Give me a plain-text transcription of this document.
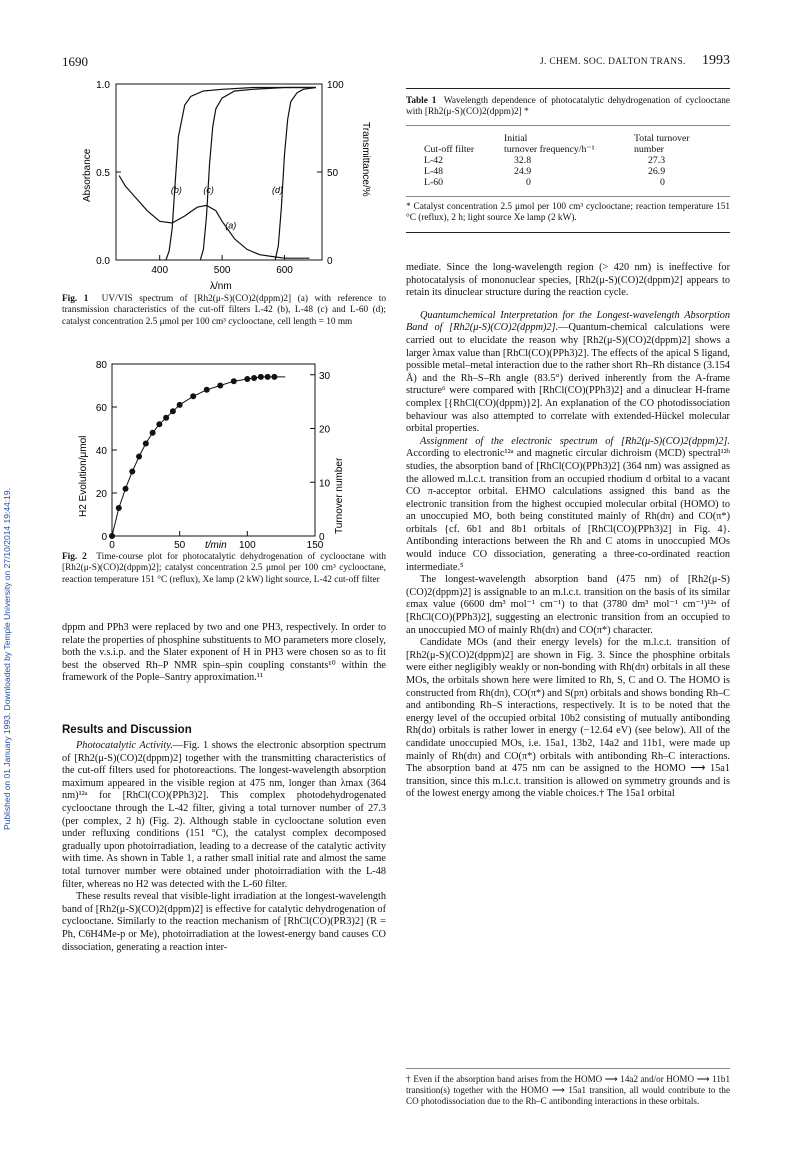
1690	J. CHEM. SOC. DALTON TRANS. 1993
Published on 01 January 1993. Downloaded by Temple University on 27/10/2014 19:44:19.
1.0
0.5
0.0
100
50
0
400	500	600
Absorbance	Transmittance/%
λ/nm
(b) (c)	(d)
(a)
Fig. 1 UV/VIS spectrum of [Rh2(μ-S)(CO)2(dppm)2] (a) with reference to transmission characteristics of the cut-off filters L-42 (b), L-48 (c) and L-60 (d); catalyst concentration 2.5 μmol per 100 cm³ cyclooctane, cell length = 10 mm
80
60
40
20
0
30
20
10
0
0	50	100	150
H2 Evolution/μmol	Turnover number
t/min
Fig. 2 Time-course plot for photocatalytic dehydrogenation of cyclooctane with [Rh2(μ-S)(CO)2(dppm)2]; catalyst concentration 2.5 μmol per 100 cm³ cyclooctane, reaction temperature 151 °C (reflux), Xe lamp (2 kW) light source, L-42 cut-off filter

dppm and PPh3 were replaced by two and one PH3, respectively. In order to relate the properties of phosphine substituents to MO parameters more closely, both the v.s.i.p. and the Slater exponent of H in PH3 were chosen so as to fit best the observed Rh–P NMR spin–spin coupling constants¹⁰ within the framework of the Pople–Santry approximation.¹¹

Results and Discussion

Photocatalytic Activity.—Fig. 1 shows the electronic absorption spectrum of [Rh2(μ-S)(CO)2(dppm)2] together with the transmitting characteristics of the cut-off filters used for photoreactions. The longest-wavelength absorption maximum appeared in the visible region at 475 nm, longer than λmax (364 nm)¹²ᵃ for [RhCl(CO)(PPh3)2]. This complex photodehydrogenated cyclooctane through the L-42 filter, giving a total turnover number of 27.3 (per complex, 2 h) (Fig. 2). Although stable in cyclooctane solution even under refluxing conditions (151 °C), the catalyst complex decomposed gradually upon photoirradiation, leading to a decrease of the catalytic activity with time. As shown in Table 1, a rather small initial rate and almost the same total turnover number were obtained under photoirradiation with the L-48 filter, whereas no H2 was detected with the L-60 filter.

These results reveal that visible-light irradiation at the longest-wavelength band of [Rh2(μ-S)(CO)2(dppm)2] is effective for catalytic dehydrogenation of cyclooctane. Similarly to the reaction mechanism of [RhCl(CO)(PR3)2] (R = Ph, C6H4Me-p or Me), photoirradiation at the lowest-energy band causes CO dissociation, generating a reaction inter-

Table 1 Wavelength dependence of photocatalytic dehydrogenation of cyclooctane with [Rh2(μ-S)(CO)2(dppm)2] *
	Initial	Total turnover
Cut-off filter	turnover frequency/h⁻¹	number
L-42	32.8	27.3
L-48	24.9	26.9
L-60	0	0
* Catalyst concentration 2.5 μmol per 100 cm³ cyclooctane; reaction temperature 151 °C (reflux), 2 h; light source Xe lamp (2 kW).

mediate. Since the long-wavelength region (> 420 nm) is ineffective for photocatalysis of mononuclear species, [Rh2(μ-S)(CO)2(dppm)2] appears to retain its dinuclear structure during the reaction cycle.

Quantumchemical Interpretation for the Longest-wavelength Absorption Band of [Rh2(μ-S)(CO)2(dppm)2].—Quantum-chemical calculations were carried out to elucidate the reason why [Rh2(μ-S)(CO)2(dppm)2] shows a larger λmax value than [RhCl(CO)(PPh3)2]. The effects of the apical S ligand, possible metal–metal interaction due to the rather short Rh–Rh distance (3.154 Å) and the Rh–S–Rh angle (83.5°) derived inherently from the A-frame structure⁶ were compared with [RhCl(CO)(PPh3)2] and a dinuclear H-frame complex [{RhCl(CO)(dppm)}2]. An explanation of the CO photodissociation behaviour was also attempted to correlate with extended-Hückel molecular orbital properties.

Assignment of the electronic spectrum of [Rh2(μ-S)(CO)2(dppm)2]. According to electronic¹²ᵃ and magnetic circular dichroism (MCD) spectral¹²ᵇ studies, the absorption band of [RhCl(CO)(PPh3)2] (364 nm) was assigned as the allowed m.l.c.t. transition from an occupied rhodium d orbital to a vacant CO π-acceptor orbital. EHMO calculations assigned this band as the electronic transition from the highest occupied molecular orbital (HOMO) to an unoccupied MO, both being constituted mainly of Rh(dπ) and CO(π*) orbitals {cf. 6b1 and 8b1 orbitals of [RhCl(CO)(PPh3)2] in Fig. 4}. Antibonding interactions between the Rh and C atoms in unoccupied MOs would induce CO dissociation, generating a three-co-ordinated reaction intermediate.⁵

The longest-wavelength absorption band (475 nm) of [Rh2(μ-S)(CO)2(dppm)2] is assignable to an m.l.c.t. transition on the basis of its similar εmax value (6600 dm³ mol⁻¹ cm⁻¹) to that (3780 dm³ mol⁻¹ cm⁻¹)¹²ᵃ of [RhCl(CO)(PPh3)2], suggesting an electronic transition from an occupied to an unoccupied MO of mainly Rh(dπ) and CO(π*) character.

Candidate MOs (and their energy levels) for the m.l.c.t. transition of [Rh2(μ-S)(CO)2(dppm)2] are shown in Fig. 3. Since the phosphine orbitals were either negligibly weakly or non-bonding with Rh(dπ) orbitals in all these MOs, the orbitals shown here were limited to Rh, S, C and O. The HOMO is constructed from Rh(dπ), CO(π*) and S(pπ) orbitals and shows bonding Rh–C and antibonding Rh–S interactions, respectively. It is to be noted that the energy level of the occupied orbital 10b2 consisting of mutually antibonding Rh(dσ) orbitals is rather lower in energy (−12.64 eV) (see below). All of the candidate unoccupied MOs, i.e. 15a1, 13b2, 14a2 and 11b1, were made up mainly of Rh(dπ) and CO(π*) orbitals with antibonding Rh–C interactions. The absorption band at 475 nm can be assigned to the HOMO ⟶ 15a1 transition, since this m.l.c.t. transition is allowed on symmetry grounds and is of the lowest energy among the viable choices.† The 15a1 orbital

† Even if the absorption band arises from the HOMO ⟶ 14a2 and/or HOMO ⟶ 11b1 transition(s) together with the HOMO ⟶ 15a1 transition, all would contribute to the CO photodissociation due to the Rh–C antibonding interactions in these orbitals.
